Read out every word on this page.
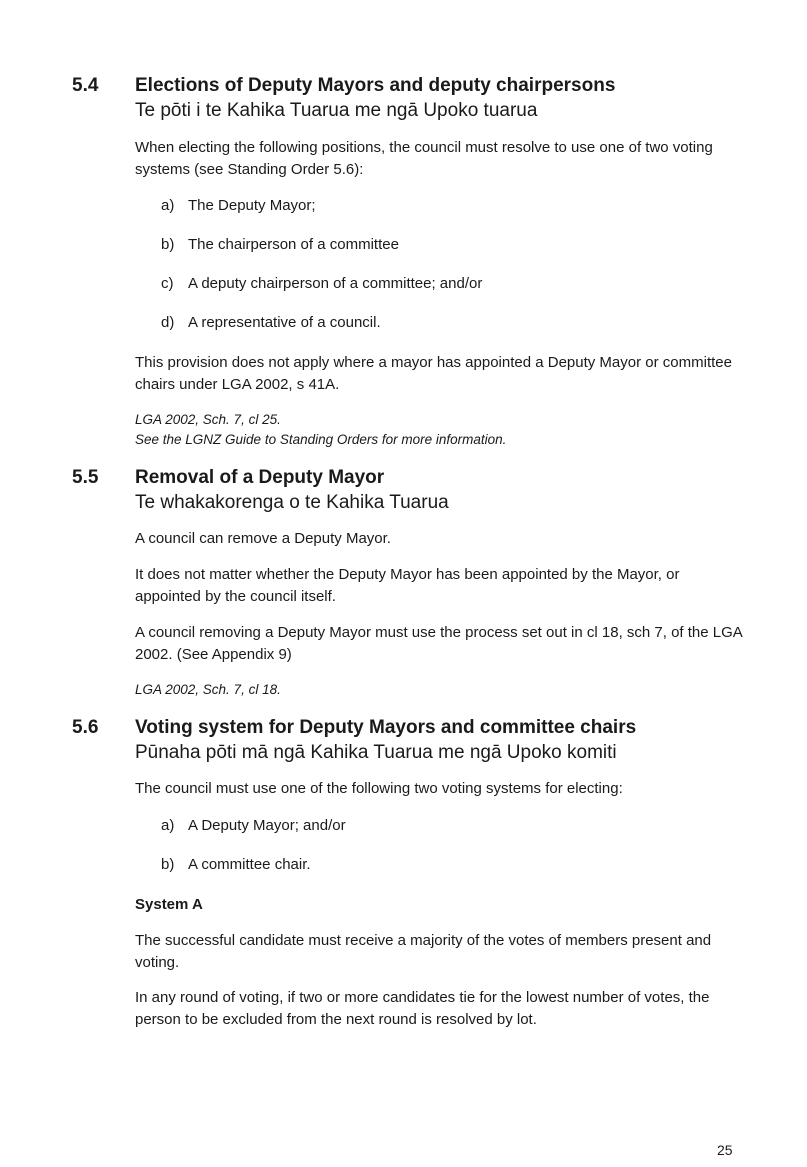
5.4 Elections of Deputy Mayors and deputy chairpersons
Te pōti i te Kahika Tuarua me ngā Upoko tuarua
When electing the following positions, the council must resolve to use one of two voting systems (see Standing Order 5.6):
a) The Deputy Mayor;
b) The chairperson of a committee
c) A deputy chairperson of a committee; and/or
d) A representative of a council.
This provision does not apply where a mayor has appointed a Deputy Mayor or committee chairs under LGA 2002, s 41A.
LGA 2002, Sch. 7, cl 25.
See the LGNZ Guide to Standing Orders for more information.
5.5 Removal of a Deputy Mayor
Te whakakorenga o te Kahika Tuarua
A council can remove a Deputy Mayor.
It does not matter whether the Deputy Mayor has been appointed by the Mayor, or appointed by the council itself.
A council removing a Deputy Mayor must use the process set out in cl 18, sch 7, of the LGA 2002. (See Appendix 9)
LGA 2002, Sch. 7, cl 18.
5.6 Voting system for Deputy Mayors and committee chairs
Pūnaha pōti mā ngā Kahika Tuarua me ngā Upoko komiti
The council must use one of the following two voting systems for electing:
a) A Deputy Mayor; and/or
b) A committee chair.
System A
The successful candidate must receive a majority of the votes of members present and voting.
In any round of voting, if two or more candidates tie for the lowest number of votes, the person to be excluded from the next round is resolved by lot.
25
